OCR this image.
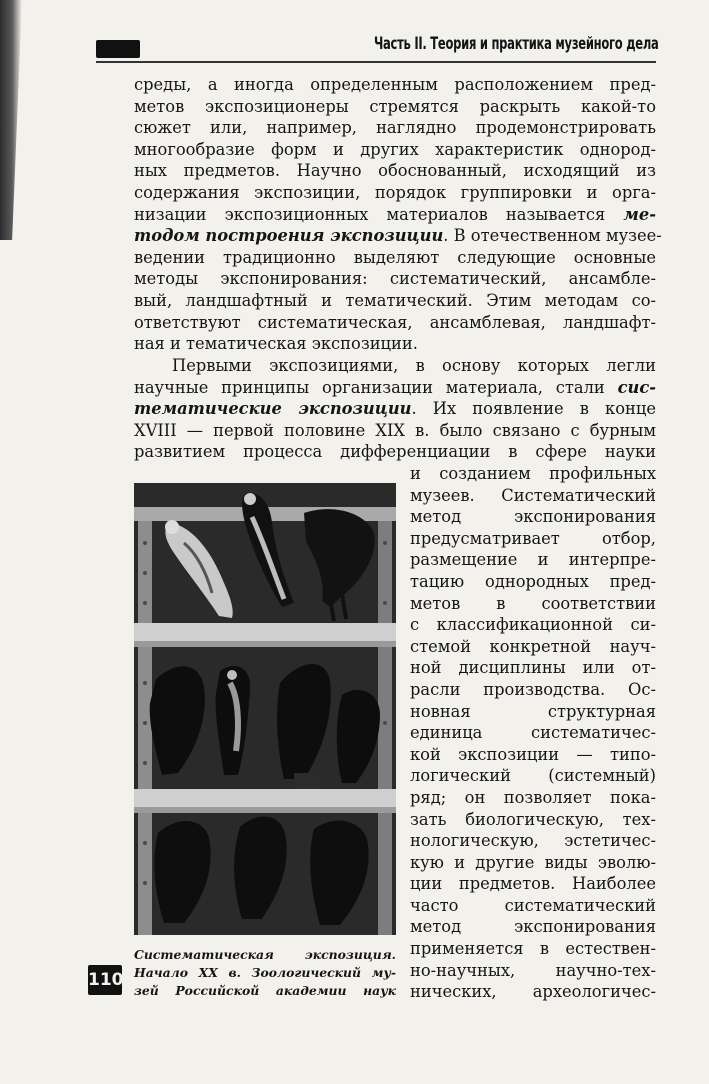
Часть II. Теория и практика музейного дела
среды, а иногда определенным расположением пред-
метов экспозиционеры стремятся раскрыть какой-то
сюжет или, например, наглядно продемонстрировать
многообразие форм и других характеристик однород-
ных предметов. Научно обоснованный, исходящий из
содержания экспозиции, порядок группировки и орга-
низации экспозиционных материалов называется ме-
тодом построения экспозиции. В отечественном музее-
ведении традиционно выделяют следующие основные
методы экспонирования: систематический, ансамбле-
вый, ландшафтный и тематический. Этим методам со-
ответствуют систематическая, ансамблевая, ландшафт-
ная и тематическая экспозиции.
Первыми экспозициями, в основу которых легли
научные принципы организации материала, стали сис-
тематические экспозиции. Их появление в конце
XVIII — первой половине XIX в. было связано с бурным
развитием процесса дифференциации в сфере науки
и созданием профильных
музеев. Систематический
метод экспонирования
предусматривает отбор,
размещение и интерпре-
тацию однородных пред-
метов в соответствии
с классификационной си-
стемой конкретной науч-
ной дисциплины или от-
расли производства. Ос-
новная структурная
единица систематичес-
кой экспозиции — типо-
логический (системный)
ряд; он позволяет пока-
зать биологическую, тех-
нологическую, эстетичес-
кую и другие виды эволю-
ции предметов. Наиболее
часто систематический
метод экспонирования
применяется в естествен-
но-научных, научно-тех-
нических, археологичес-
Систематическая экспозиция.
Начало XX в. Зоологический му-
зей Российской академии наук
110
